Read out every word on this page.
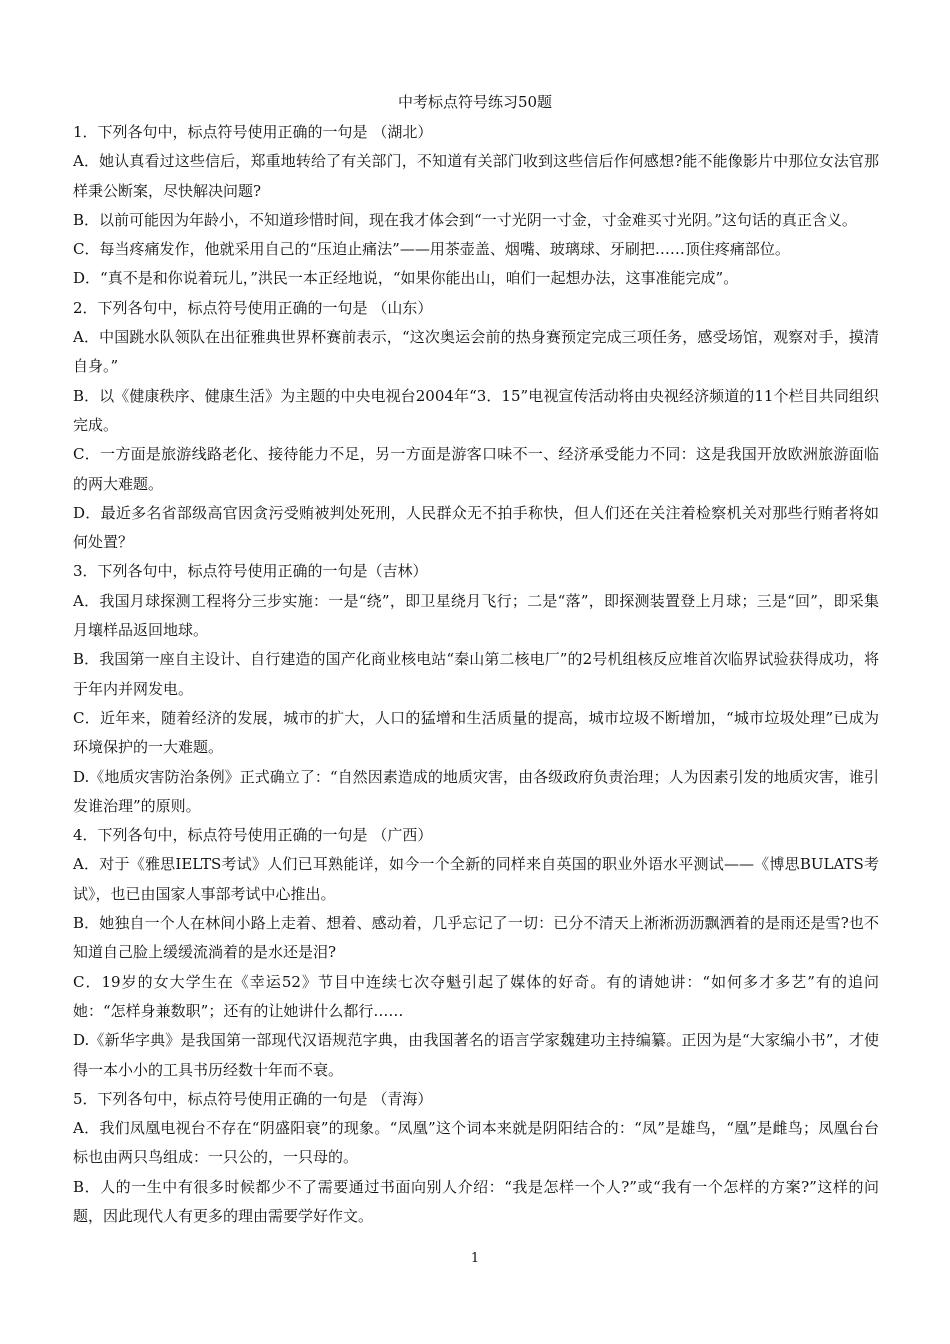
中考标点符号练习50题

1．下列各句中，标点符号使用正确的一句是 （湖北）

A．她认真看过这些信后，郑重地转给了有关部门，不知道有关部门收到这些信后作何感想?能不能像影片中那位女法官那样秉公断案，尽快解决问题?

B．以前可能因为年龄小，不知道珍惜时间，现在我才体会到“一寸光阴一寸金，寸金难买寸光阴。”这句话的真正含义。

C．每当疼痛发作，他就采用自己的“压迫止痛法”——用茶壶盖、烟嘴、玻璃球、牙刷把……顶住疼痛部位。

D．“真不是和你说着玩儿，”洪民一本正经地说，“如果你能出山，咱们一起想办法，这事准能完成”。

2．下列各句中，标点符号使用正确的一句是 （山东）

A．中国跳水队领队在出征雅典世界杯赛前表示，“这次奥运会前的热身赛预定完成三项任务，感受场馆，观察对手，摸清自身。”

B．以《健康秩序、健康生活》为主题的中央电视台2004年“3．15”电视宣传活动将由央视经济频道的11个栏目共同组织完成。

C．一方面是旅游线路老化、接待能力不足，另一方面是游客口味不一、经济承受能力不同：这是我国开放欧洲旅游面临的两大难题。

D．最近多名省部级高官因贪污受贿被判处死刑，人民群众无不拍手称快，但人们还在关注着检察机关对那些行贿者将如何处置？

3．下列各句中，标点符号使用正确的一句是（吉林）

A．我国月球探测工程将分三步实施：一是“绕”，即卫星绕月飞行；二是“落”，即探测装置登上月球；三是“回”，即采集月壤样品返回地球。

B．我国第一座自主设计、自行建造的国产化商业核电站“秦山第二核电厂”的2号机组核反应堆首次临界试验获得成功，将于年内并网发电。

C．近年来，随着经济的发展，城市的扩大，人口的猛增和生活质量的提高，城市垃圾不断增加，“城市垃圾处理”已成为环境保护的一大难题。

D.《地质灾害防治条例》正式确立了：“自然因素造成的地质灾害，由各级政府负责治理；人为因素引发的地质灾害，谁引发谁治理”的原则。

4．下列各句中，标点符号使用正确的一句是 （广西）

A．对于《雅思IELTS考试》人们已耳熟能详，如今一个全新的同样来自英国的职业外语水平测试——《博思BULATS考试》，也已由国家人事部考试中心推出。

B．她独自一个人在林间小路上走着、想着、感动着，几乎忘记了一切：已分不清天上淅淅沥沥飘洒着的是雨还是雪?也不知道自己脸上缓缓流淌着的是水还是泪?

C．19岁的女大学生在《幸运52》节目中连续七次夺魁引起了媒体的好奇。有的请她讲：“如何多才多艺”有的追问她：“怎样身兼数职”；还有的让她讲什么都行……

D.《新华字典》是我国第一部现代汉语规范字典，由我国著名的语言学家魏建功主持编纂。正因为是“大家编小书”，才使得一本小小的工具书历经数十年而不衰。

5．下列各句中，标点符号使用正确的一句是 （青海）

A．我们凤凰电视台不存在“阴盛阳衰”的现象。“凤凰”这个词本来就是阴阳结合的：“凤”是雄鸟，“凰”是雌鸟；凤凰台台标也由两只鸟组成：一只公的，一只母的。

B．人的一生中有很多时候都少不了需要通过书面向别人介绍：“我是怎样一个人?”或“我有一个怎样的方案?”这样的问题，因此现代人有更多的理由需要学好作文。

1
